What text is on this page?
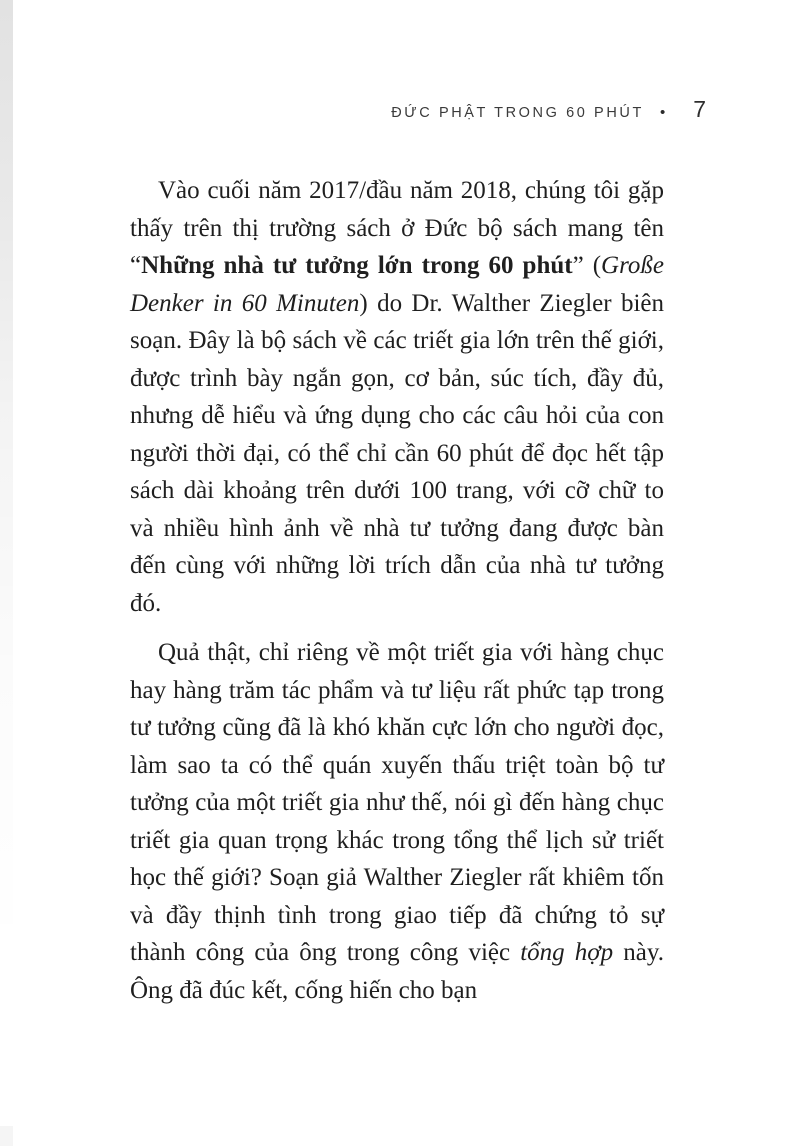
ĐỨC PHẬT TRONG 60 PHÚT • 7

Vào cuối năm 2017/đầu năm 2018, chúng tôi gặp thấy trên thị trường sách ở Đức bộ sách mang tên “Những nhà tư tưởng lớn trong 60 phút” (Große Denker in 60 Minuten) do Dr. Walther Ziegler biên soạn. Đây là bộ sách về các triết gia lớn trên thế giới, được trình bày ngắn gọn, cơ bản, súc tích, đầy đủ, nhưng dễ hiểu và ứng dụng cho các câu hỏi của con người thời đại, có thể chỉ cần 60 phút để đọc hết tập sách dài khoảng trên dưới 100 trang, với cỡ chữ to và nhiều hình ảnh về nhà tư tưởng đang được bàn đến cùng với những lời trích dẫn của nhà tư tưởng đó.

Quả thật, chỉ riêng về một triết gia với hàng chục hay hàng trăm tác phẩm và tư liệu rất phức tạp trong tư tưởng cũng đã là khó khăn cực lớn cho người đọc, làm sao ta có thể quán xuyến thấu triệt toàn bộ tư tưởng của một triết gia như thế, nói gì đến hàng chục triết gia quan trọng khác trong tổng thể lịch sử triết học thế giới? Soạn giả Walther Ziegler rất khiêm tốn và đầy thịnh tình trong giao tiếp đã chứng tỏ sự thành công của ông trong công việc tổng hợp này. Ông đã đúc kết, cống hiến cho bạn
